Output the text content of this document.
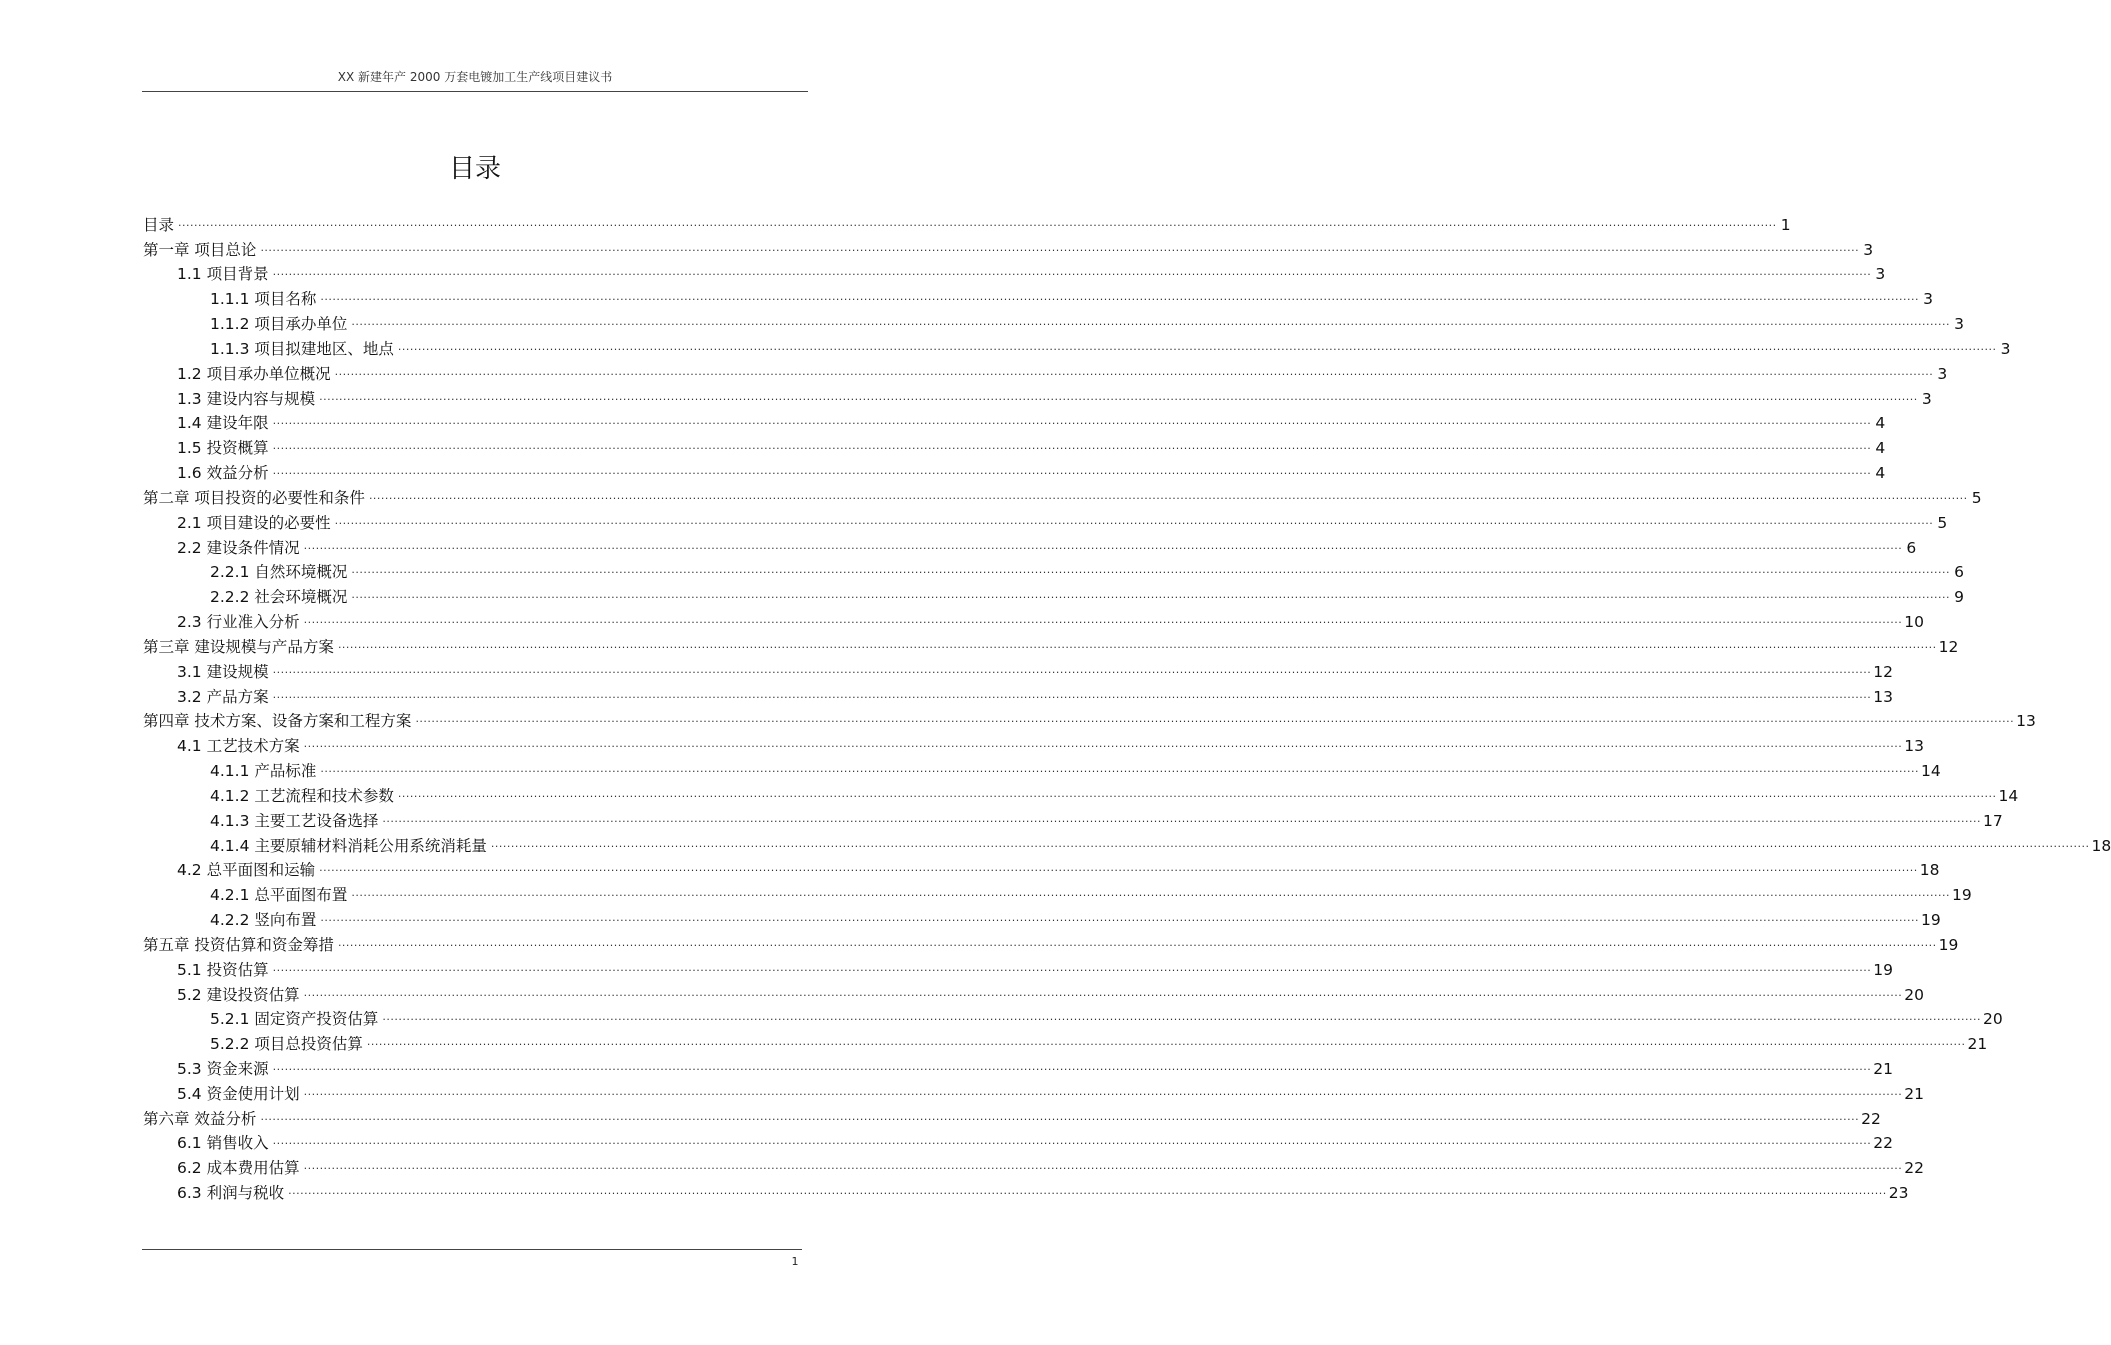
XX 新建年产 2000 万套电镀加工生产线项目建议书
目录
目录 ................................................................................................................................................................................................................................................................................................................................................................................................................ 1
第一章 项目总论 ................................................................................................................................................................................................................................................................................................................................................................................................................ 3
1.1 项目背景 ................................................................................................................................................................................................................................................................................................................................................................................................................ 3
1.1.1 项目名称 ................................................................................................................................................................................................................................................................................................................................................................................................................ 3
1.1.2 项目承办单位 ................................................................................................................................................................................................................................................................................................................................................................................................................ 3
1.1.3 项目拟建地区、地点 ................................................................................................................................................................................................................................................................................................................................................................................................................ 3
1.2 项目承办单位概况 ................................................................................................................................................................................................................................................................................................................................................................................................................ 3
1.3 建设内容与规模 ................................................................................................................................................................................................................................................................................................................................................................................................................ 3
1.4 建设年限 ................................................................................................................................................................................................................................................................................................................................................................................................................ 4
1.5 投资概算 ................................................................................................................................................................................................................................................................................................................................................................................................................ 4
1.6 效益分析 ................................................................................................................................................................................................................................................................................................................................................................................................................ 4
第二章 项目投资的必要性和条件 ................................................................................................................................................................................................................................................................................................................................................................................................................ 5
2.1 项目建设的必要性 ................................................................................................................................................................................................................................................................................................................................................................................................................ 5
2.2 建设条件情况 ................................................................................................................................................................................................................................................................................................................................................................................................................ 6
2.2.1 自然环境概况 ................................................................................................................................................................................................................................................................................................................................................................................................................ 6
2.2.2 社会环境概况 ................................................................................................................................................................................................................................................................................................................................................................................................................ 9
2.3 行业准入分析 ................................................................................................................................................................................................................................................................................................................................................................................................................ 10
第三章 建设规模与产品方案 ................................................................................................................................................................................................................................................................................................................................................................................................................ 12
3.1 建设规模 ................................................................................................................................................................................................................................................................................................................................................................................................................ 12
3.2 产品方案 ................................................................................................................................................................................................................................................................................................................................................................................................................ 13
第四章 技术方案、设备方案和工程方案 ................................................................................................................................................................................................................................................................................................................................................................................................................ 13
4.1 工艺技术方案 ................................................................................................................................................................................................................................................................................................................................................................................................................ 13
4.1.1 产品标准 ................................................................................................................................................................................................................................................................................................................................................................................................................ 14
4.1.2 工艺流程和技术参数 ................................................................................................................................................................................................................................................................................................................................................................................................................ 14
4.1.3 主要工艺设备选择 ................................................................................................................................................................................................................................................................................................................................................................................................................ 17
4.1.4 主要原辅材料消耗公用系统消耗量 ................................................................................................................................................................................................................................................................................................................................................................................................................ 18
4.2 总平面图和运输 ................................................................................................................................................................................................................................................................................................................................................................................................................ 18
4.2.1 总平面图布置 ................................................................................................................................................................................................................................................................................................................................................................................................................ 19
4.2.2 竖向布置 ................................................................................................................................................................................................................................................................................................................................................................................................................ 19
第五章 投资估算和资金筹措 ................................................................................................................................................................................................................................................................................................................................................................................................................ 19
5.1 投资估算 ................................................................................................................................................................................................................................................................................................................................................................................................................ 19
5.2 建设投资估算 ................................................................................................................................................................................................................................................................................................................................................................................................................ 20
5.2.1 固定资产投资估算 ................................................................................................................................................................................................................................................................................................................................................................................................................ 20
5.2.2 项目总投资估算 ................................................................................................................................................................................................................................................................................................................................................................................................................ 21
5.3 资金来源 ................................................................................................................................................................................................................................................................................................................................................................................................................ 21
5.4 资金使用计划 ................................................................................................................................................................................................................................................................................................................................................................................................................ 21
第六章 效益分析 ................................................................................................................................................................................................................................................................................................................................................................................................................ 22
6.1 销售收入 ................................................................................................................................................................................................................................................................................................................................................................................................................ 22
6.2 成本费用估算 ................................................................................................................................................................................................................................................................................................................................................................................................................ 22
6.3 利润与税收 ................................................................................................................................................................................................................................................................................................................................................................................................................ 23
1
